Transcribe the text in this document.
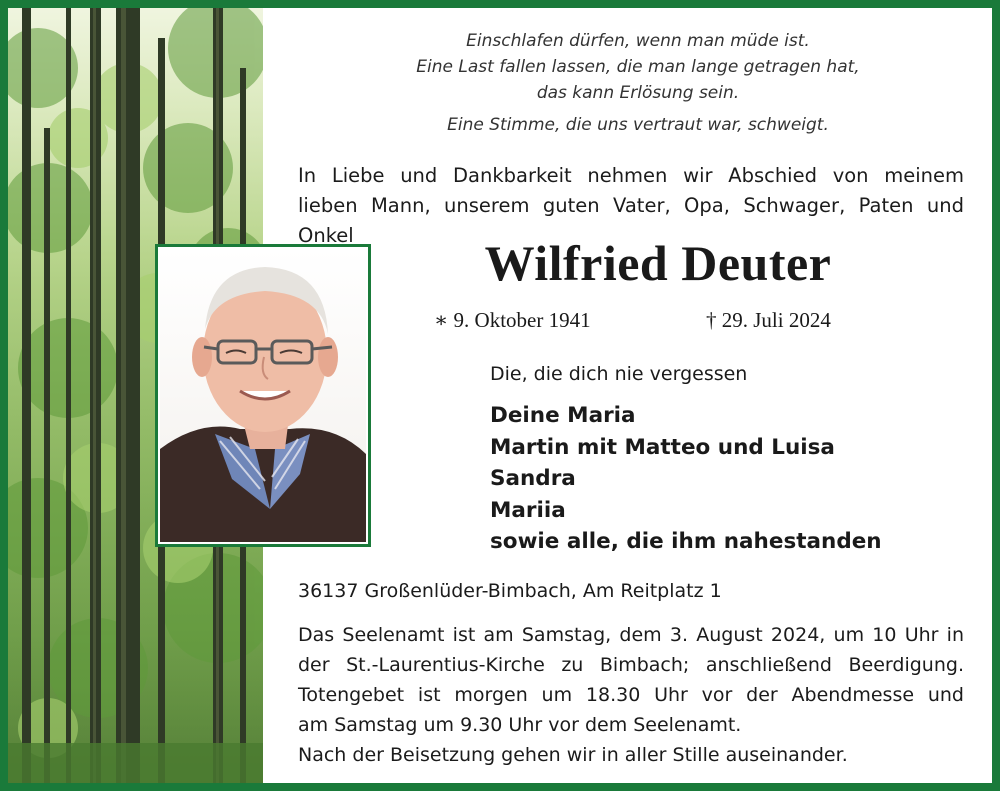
Einschlafen dürfen, wenn man müde ist.
Eine Last fallen lassen, die man lange getragen hat,
das kann Erlösung sein.
Eine Stimme, die uns vertraut war, schweigt.
In Liebe und Dankbarkeit nehmen wir Abschied von meinem
lieben Mann, unserem guten Vater, Opa, Schwager, Paten und Onkel	Wilfried Deuter
∗ 9. Oktober 1941	† 29. Juli 2024
Die, die dich nie vergessen
Deine Maria
Martin mit Matteo und Luisa
Sandra
Mariia
sowie alle, die ihm nahestanden
36137 Großenlüder-Bimbach, Am Reitplatz 1
Das Seelenamt ist am Samstag, dem 3. August 2024, um 10 Uhr in
der St.-Laurentius-Kirche zu Bimbach; anschließend Beerdigung.
Totengebet ist morgen um 18.30 Uhr vor der Abendmesse und
am Samstag um 9.30 Uhr vor dem Seelenamt.
Nach der Beisetzung gehen wir in aller Stille auseinander.
